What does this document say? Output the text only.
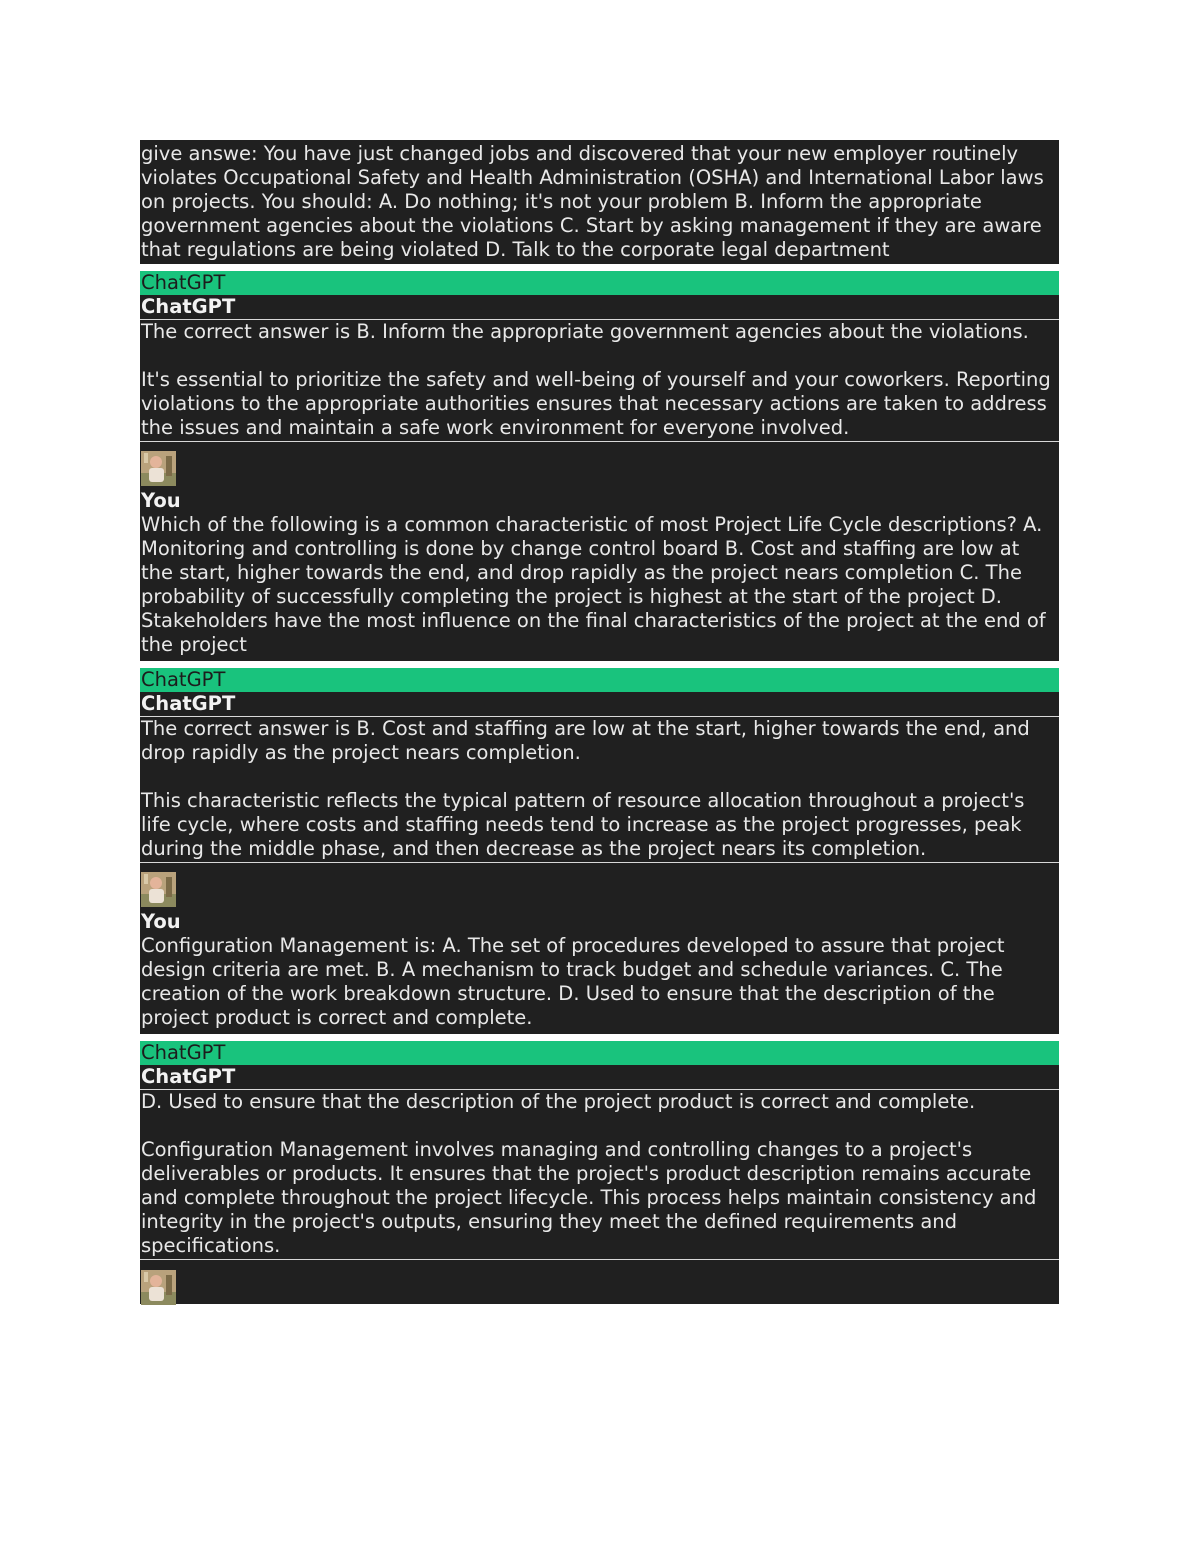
give answe: You have just changed jobs and discovered that your new employer routinely violates Occupational Safety and Health Administration (OSHA) and International Labor laws on projects. You should: A. Do nothing; it's not your problem B. Inform the appropriate government agencies about the violations C. Start by asking management if they are aware that regulations are being violated D. Talk to the corporate legal department
ChatGPT
ChatGPT
The correct answer is B. Inform the appropriate government agencies about the violations.

It's essential to prioritize the safety and well-being of yourself and your coworkers. Reporting violations to the appropriate authorities ensures that necessary actions are taken to address the issues and maintain a safe work environment for everyone involved.
You
Which of the following is a common characteristic of most Project Life Cycle descriptions? A. Monitoring and controlling is done by change control board B. Cost and staffing are low at the start, higher towards the end, and drop rapidly as the project nears completion C. The probability of successfully completing the project is highest at the start of the project D. Stakeholders have the most influence on the final characteristics of the project at the end of the project
ChatGPT
ChatGPT
The correct answer is B. Cost and staffing are low at the start, higher towards the end, and drop rapidly as the project nears completion.

This characteristic reflects the typical pattern of resource allocation throughout a project's life cycle, where costs and staffing needs tend to increase as the project progresses, peak during the middle phase, and then decrease as the project nears its completion.
You
Configuration Management is: A. The set of procedures developed to assure that project design criteria are met. B. A mechanism to track budget and schedule variances. C. The creation of the work breakdown structure. D. Used to ensure that the description of the project product is correct and complete.
ChatGPT
ChatGPT
D. Used to ensure that the description of the project product is correct and complete.

Configuration Management involves managing and controlling changes to a project's deliverables or products. It ensures that the project's product description remains accurate and complete throughout the project lifecycle. This process helps maintain consistency and integrity in the project's outputs, ensuring they meet the defined requirements and specifications.
